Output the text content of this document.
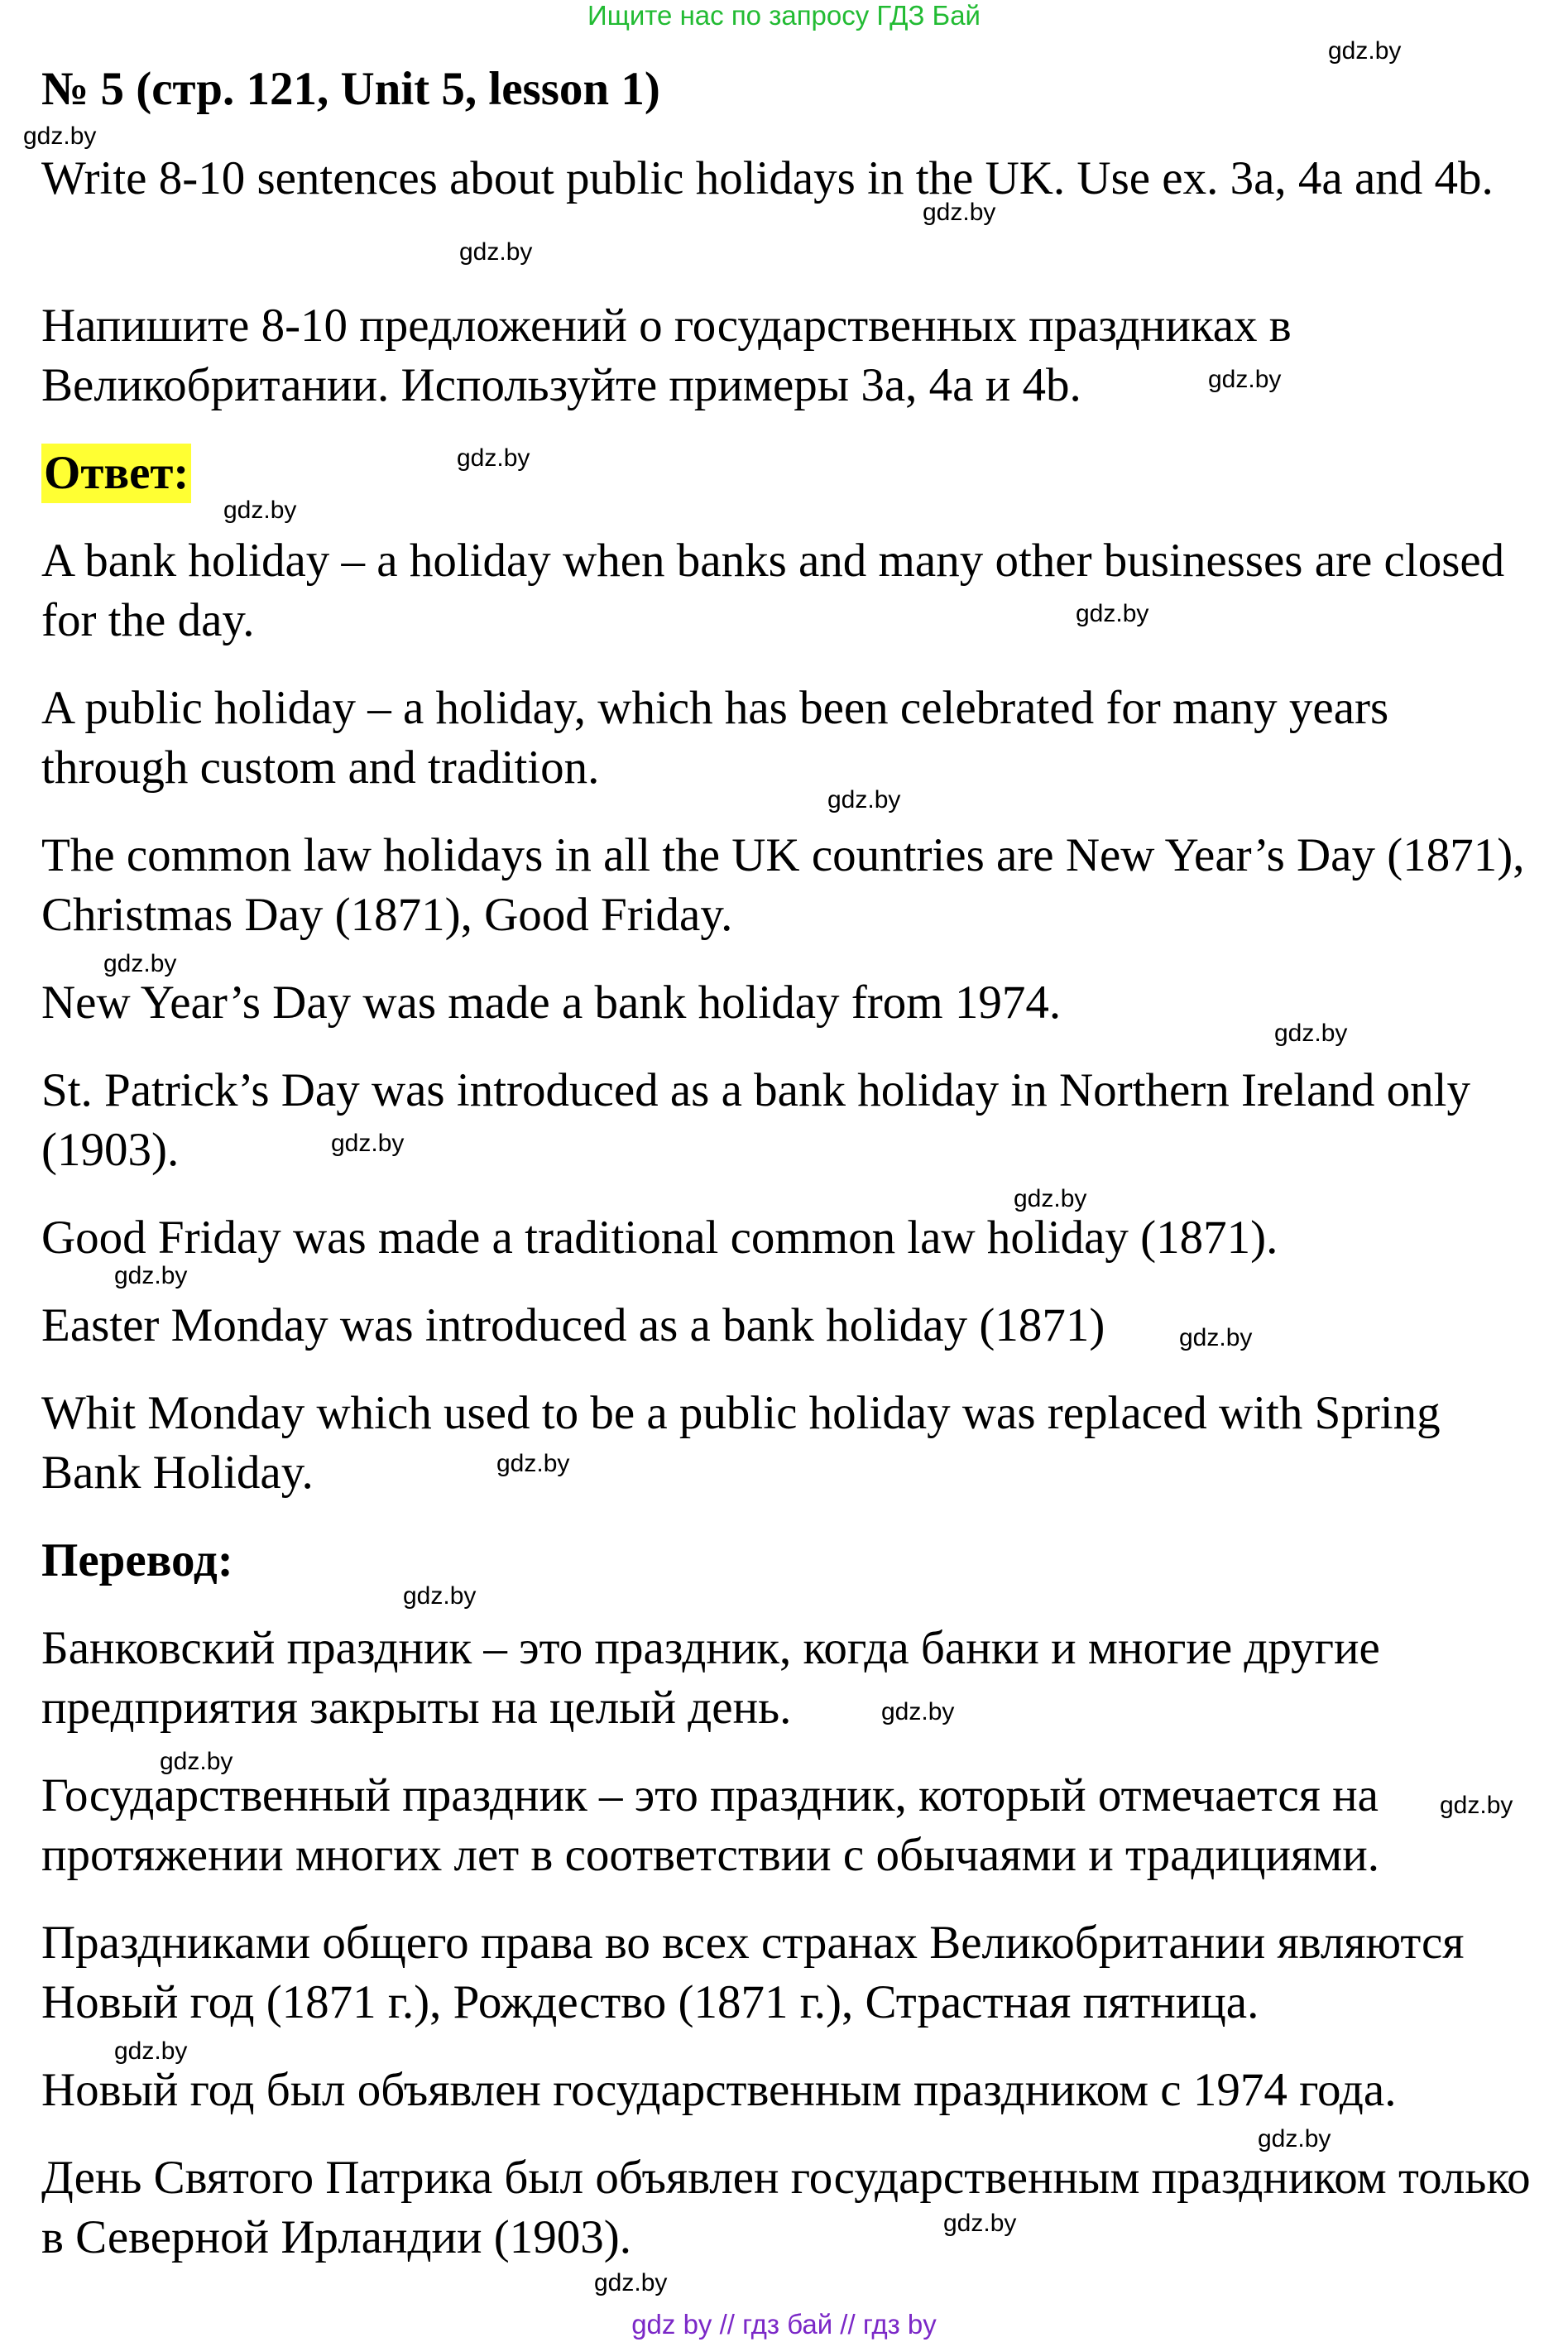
Ищите нас по запросу ГДЗ Бай
№ 5 (стр. 121, Unit 5, lesson 1)
Write 8-10 sentences about public holidays in the UK. Use ex. 3a, 4a and 4b.
Напишите 8-10 предложений о государственных праздниках в Великобритании. Используйте примеры 3a, 4a и 4b.
Ответ:
A bank holiday – a holiday when banks and many other businesses are closed for the day.
A public holiday – a holiday, which has been celebrated for many years through custom and tradition.
The common law holidays in all the UK countries are New Year’s Day (1871), Christmas Day (1871), Good Friday.
New Year’s Day was made a bank holiday from 1974.
St. Patrick’s Day was introduced as a bank holiday in Northern Ireland only (1903).
Good Friday was made a traditional common law holiday (1871).
Easter Monday was introduced as a bank holiday (1871)
Whit Monday which used to be a public holiday was replaced with Spring Bank Holiday.
Перевод:
Банковский праздник – это праздник, когда банки и многие другие предприятия закрыты на целый день.
Государственный праздник – это праздник, который отмечается на протяжении многих лет в соответствии с обычаями и традициями.
Праздниками общего права во всех странах Великобритании являются Новый год (1871 г.), Рождество (1871 г.), Страстная пятница.
Новый год был объявлен государственным праздником с 1974 года.
День Святого Патрика был объявлен государственным праздником только в Северной Ирландии (1903).
gdz.by
gdz.by
gdz.by
gdz.by
gdz.by
gdz.by
gdz.by
gdz.by
gdz.by
gdz.by
gdz.by
gdz.by
gdz.by
gdz.by
gdz.by
gdz.by
gdz.by
gdz.by
gdz.by
gdz.by
gdz.by
gdz.by
gdz.by
gdz.by
gdz by // гдз бай // гдз by
